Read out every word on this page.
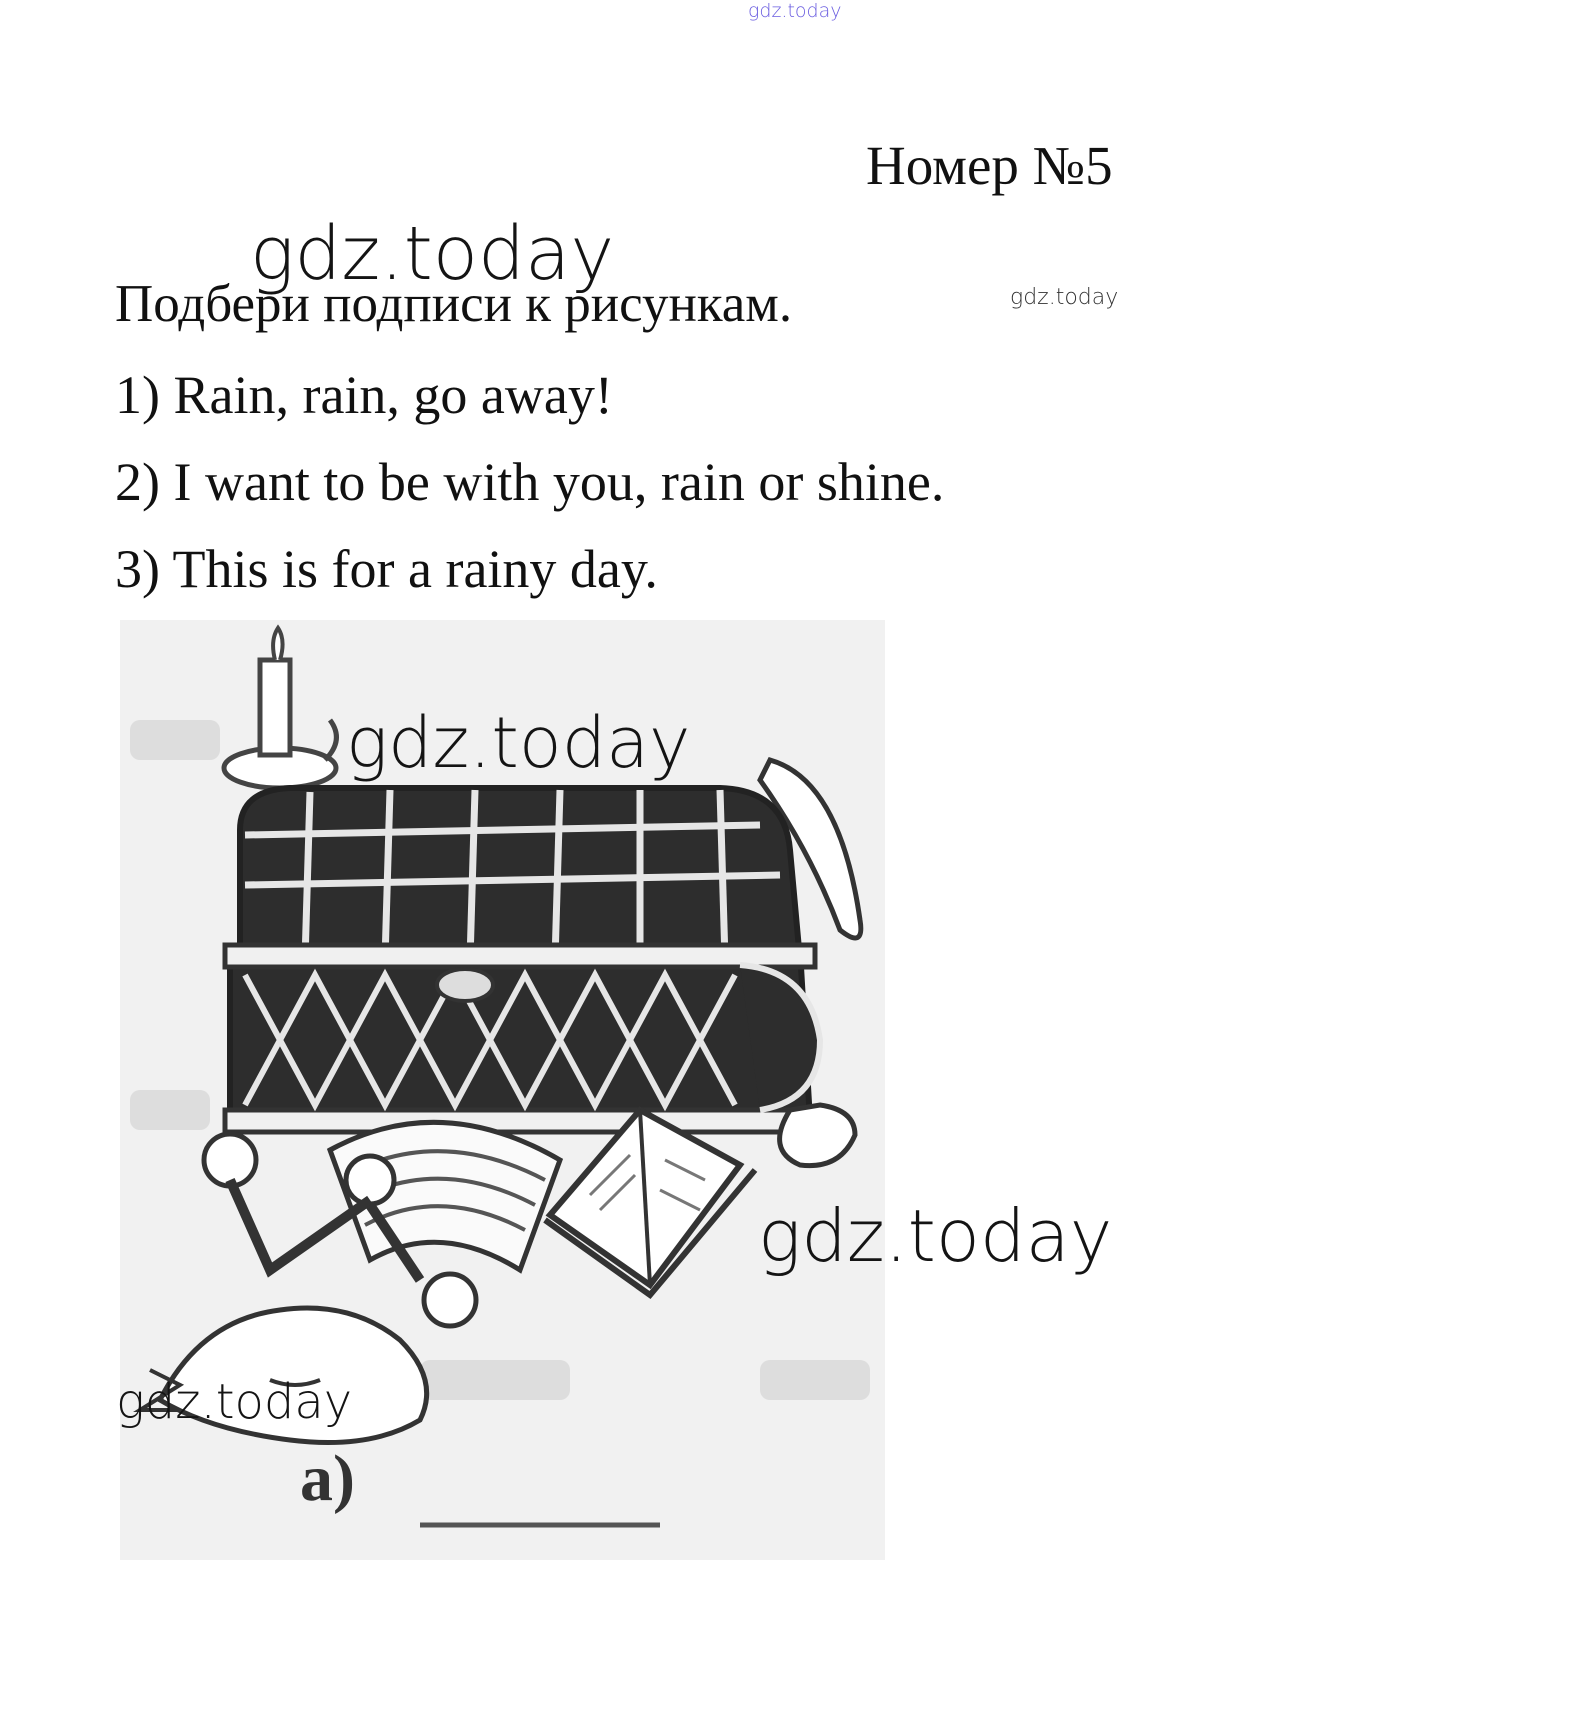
gdz.today
Номер №5
gdz.today
gdz.today
Подбери подписи к рисункам.
1) Rain, rain, go away!
2) I want to be with you, rain or shine.
3) This is for a rainy day.
a)
gdz.today
gdz.today
gdz.today
